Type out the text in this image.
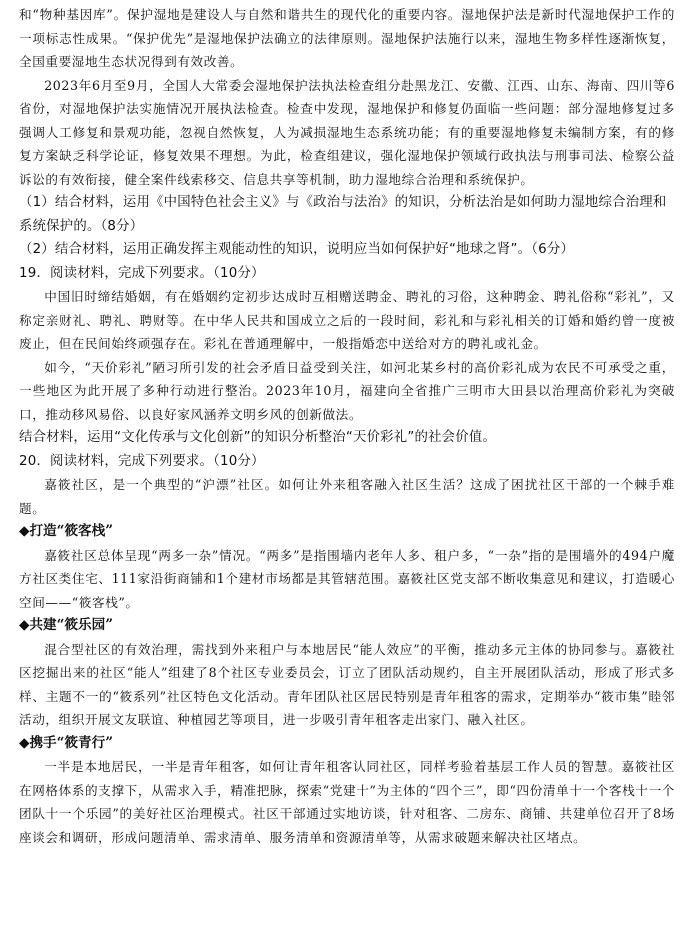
和“物种基因库”。保护湿地是建设人与自然和谐共生的现代化的重要内容。湿地保护法是新时代湿地保护工作的一项标志性成果。“保护优先”是湿地保护法确立的法律原则。湿地保护法施行以来，湿地生物多样性逐渐恢复，全国重要湿地生态状况得到有效改善。

2023年6月至9月，全国人大常委会湿地保护法执法检查组分赴黑龙江、安徽、江西、山东、海南、四川等6省份，对湿地保护法实施情况开展执法检查。检查中发现，湿地保护和修复仍面临一些问题：部分湿地修复过多强调人工修复和景观功能，忽视自然恢复，人为减损湿地生态系统功能；有的重要湿地修复未编制方案，有的修复方案缺乏科学论证，修复效果不理想。为此，检查组建议，强化湿地保护领域行政执法与刑事司法、检察公益诉讼的有效衔接，健全案件线索移交、信息共享等机制，助力湿地综合治理和系统保护。

（1）结合材料，运用《中国特色社会主义》与《政治与法治》的知识，分析法治是如何助力湿地综合治理和系统保护的。（8分）

（2）结合材料，运用正确发挥主观能动性的知识，说明应当如何保护好“地球之肾”。（6分）

19．阅读材料，完成下列要求。（10分）

中国旧时缔结婚姻，有在婚姻约定初步达成时互相赠送聘金、聘礼的习俗，这种聘金、聘礼俗称“彩礼”，又称定亲财礼、聘礼、聘财等。在中华人民共和国成立之后的一段时间，彩礼和与彩礼相关的订婚和婚约曾一度被废止，但在民间始终顽强存在。彩礼在普通理解中，一般指婚恋中送给对方的聘礼或礼金。

如今，“天价彩礼”陋习所引发的社会矛盾日益受到关注，如河北某乡村的高价彩礼成为农民不可承受之重，一些地区为此开展了多种行动进行整治。2023年10月，福建向全省推广三明市大田县以治理高价彩礼为突破口，推动移风易俗、以良好家风涵养文明乡风的创新做法。

结合材料，运用“文化传承与文化创新”的知识分析整治“天价彩礼”的社会价值。

20．阅读材料，完成下列要求。（10分）

嘉筱社区，是一个典型的“沪漂”社区。如何让外来租客融入社区生活？这成了困扰社区干部的一个棘手难题。

◆打造“筱客栈”

嘉筱社区总体呈现“两多一杂”情况。“两多”是指围墙内老年人多、租户多，“一杂”指的是围墙外的494户魔方社区类住宅、111家沿街商铺和1个建材市场都是其管辖范围。嘉筱社区党支部不断收集意见和建议，打造暖心空间——“筱客栈”。

◆共建“筱乐园”

混合型社区的有效治理，需找到外来租户与本地居民“能人效应”的平衡，推动多元主体的协同参与。嘉筱社区挖掘出来的社区“能人”组建了8个社区专业委员会，订立了团队活动规约，自主开展团队活动，形成了形式多样、主题不一的“筱系列”社区特色文化活动。青年团队社区居民特别是青年租客的需求，定期举办“筱市集”睦邻活动，组织开展文友联谊、种植园艺等项目，进一步吸引青年租客走出家门、融入社区。

◆携手“筱青行”

一半是本地居民，一半是青年租客，如何让青年租客认同社区，同样考验着基层工作人员的智慧。嘉筱社区在网格体系的支撑下，从需求入手，精准把脉，探索“党建十”为主体的“四个三”，即“四份清单十一个客栈十一个团队十一个乐园”的美好社区治理模式。社区干部通过实地访谈，针对租客、二房东、商铺、共建单位召开了8场座谈会和调研，形成问题清单、需求清单、服务清单和资源清单等，从需求破题来解决社区堵点。
